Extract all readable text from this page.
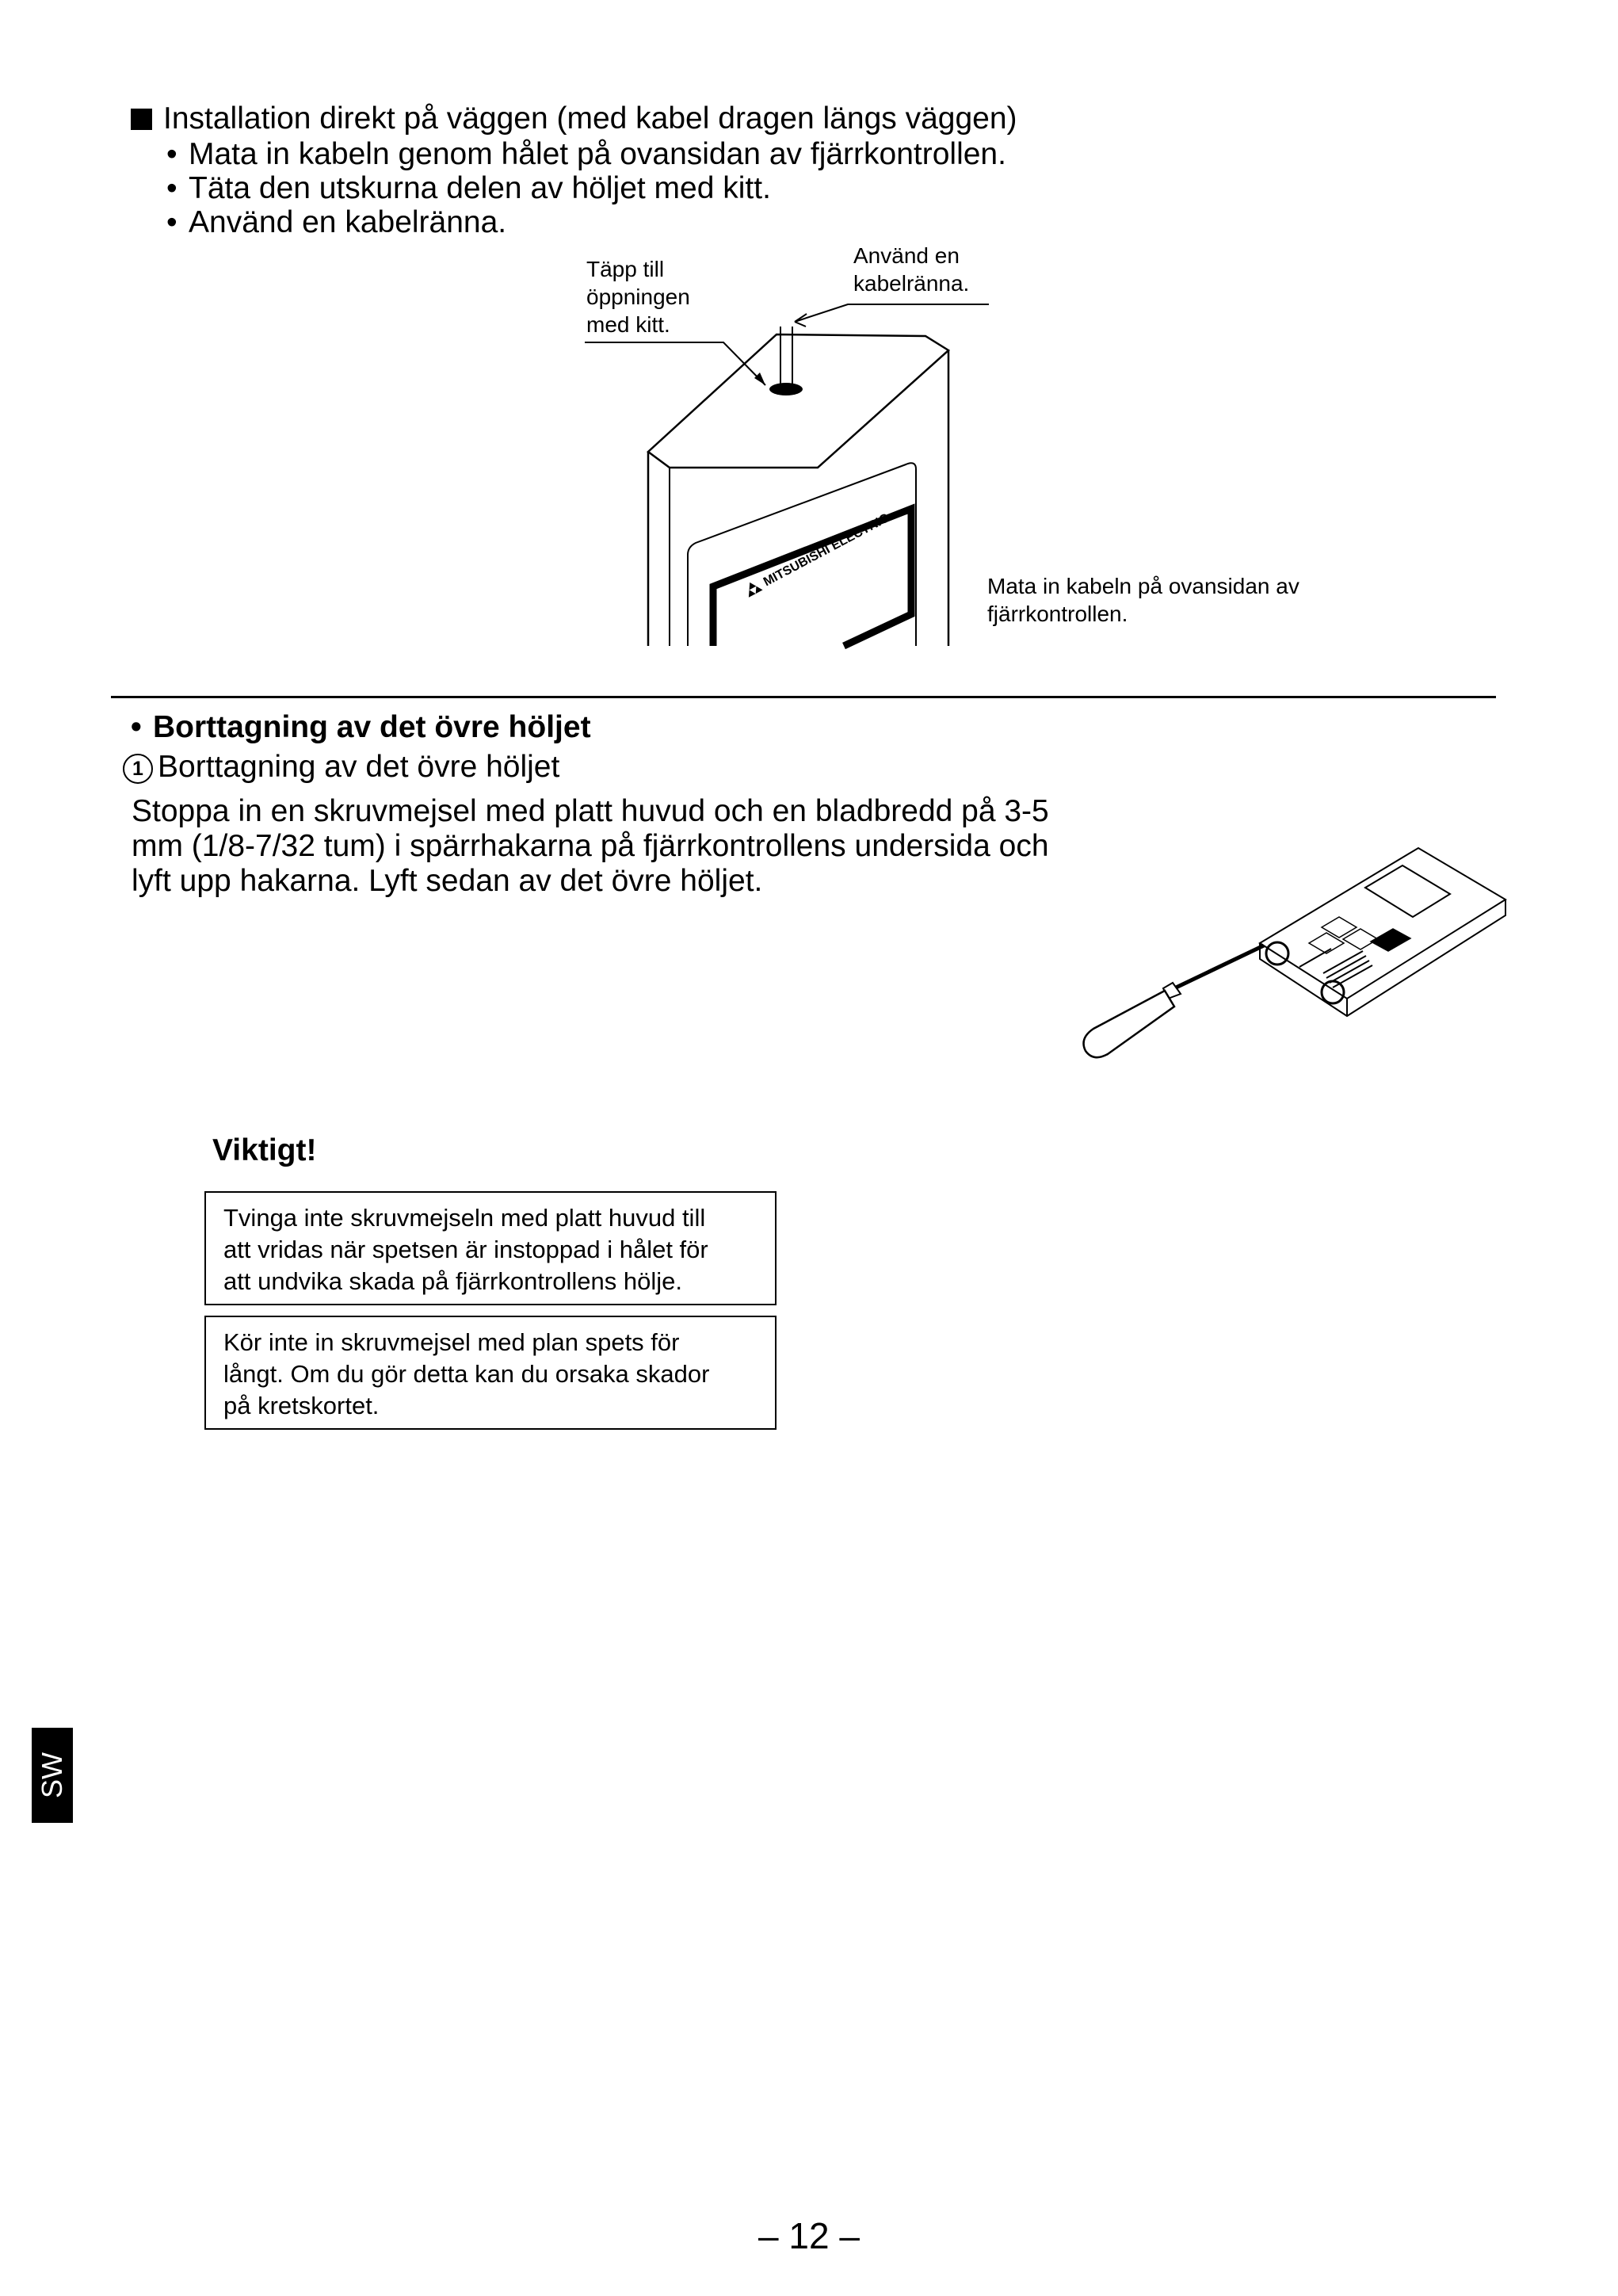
Installation direkt på väggen (med kabel dragen längs väggen)
• Mata in kabeln genom hålet på ovansidan av fjärrkontrollen.
• Täta den utskurna delen av höljet med kitt.
• Använd en kabelränna.
Täpp till
öppningen
med kitt.
Använd en
kabelränna.
Mata in kabeln på ovansidan av
fjärrkontrollen.
MITSUBISHI ELECTRIC
• Borttagning av det övre höljet
1 Borttagning av det övre höljet
Stoppa in en skruvmejsel med platt huvud och en bladbredd på 3-5
mm (1/8-7/32 tum) i spärrhakarna på fjärrkontrollens undersida och
lyft upp hakarna. Lyft sedan av det övre höljet.
Viktigt!
Tvinga inte skruvmejseln med platt huvud till
att vridas när spetsen är instoppad i hålet för
att undvika skada på fjärrkontrollens hölje.
Kör inte in skruvmejsel med plan spets för
långt. Om du gör detta kan du orsaka skador
på kretskortet.
SW
– 12 –
